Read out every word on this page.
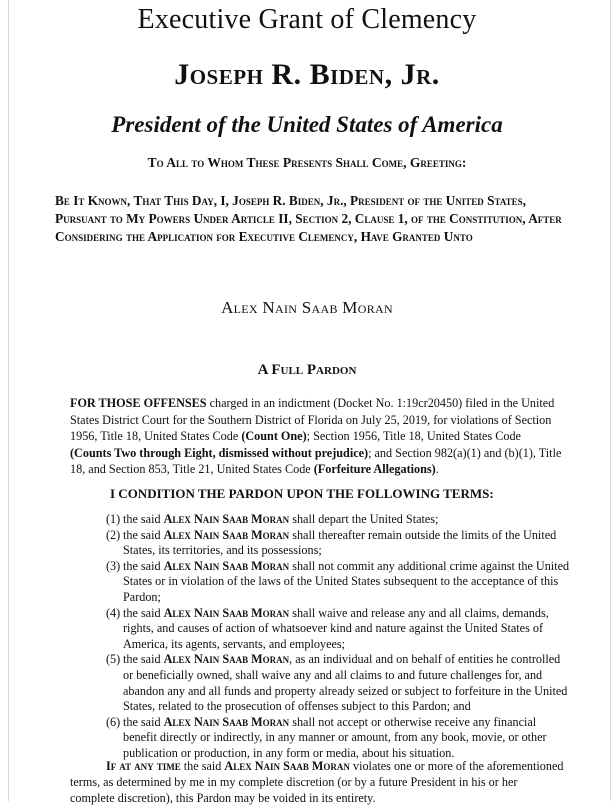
Executive Grant of Clemency
Joseph R. Biden, Jr.
President of the United States of America
To All to Whom These Presents Shall Come, Greeting:
Be It Known, That This Day, I, Joseph R. Biden, Jr., President of the United States, Pursuant to My Powers Under Article II, Section 2, Clause 1, of the Constitution, After Considering the Application for Executive Clemency, Have Granted Unto
Alex Nain Saab Moran
A Full Pardon

FOR THOSE OFFENSES charged in an indictment (Docket No. 1:19cr20450) filed in the United States District Court for the Southern District of Florida on July 25, 2019, for violations of Section 1956, Title 18, United States Code (Count One); Section 1956, Title 18, United States Code (Counts Two through Eight, dismissed without prejudice); and Section 982(a)(1) and (b)(1), Title 18, and Section 853, Title 21, United States Code (Forfeiture Allegations).

I CONDITION THE PARDON UPON THE FOLLOWING TERMS:
(1) the said Alex Nain Saab Moran shall depart the United States;
(2) the said Alex Nain Saab Moran shall thereafter remain outside the limits of the United States, its territories, and its possessions;
(3) the said Alex Nain Saab Moran shall not commit any additional crime against the United States or in violation of the laws of the United States subsequent to the acceptance of this Pardon;
(4) the said Alex Nain Saab Moran shall waive and release any and all claims, demands, rights, and causes of action of whatsoever kind and nature against the United States of America, its agents, servants, and employees;
(5) the said Alex Nain Saab Moran, as an individual and on behalf of entities he controlled or beneficially owned, shall waive any and all claims to and future challenges for, and abandon any and all funds and property already seized or subject to forfeiture in the United States, related to the prosecution of offenses subject to this Pardon; and
(6) the said Alex Nain Saab Moran shall not accept or otherwise receive any financial benefit directly or indirectly, in any manner or amount, from any book, movie, or other publication or production, in any form or media, about his situation.

If at any time the said Alex Nain Saab Moran violates one or more of the aforementioned terms, as determined by me in my complete discretion (or by a future President in his or her complete discretion), this Pardon may be voided in its entirety.
